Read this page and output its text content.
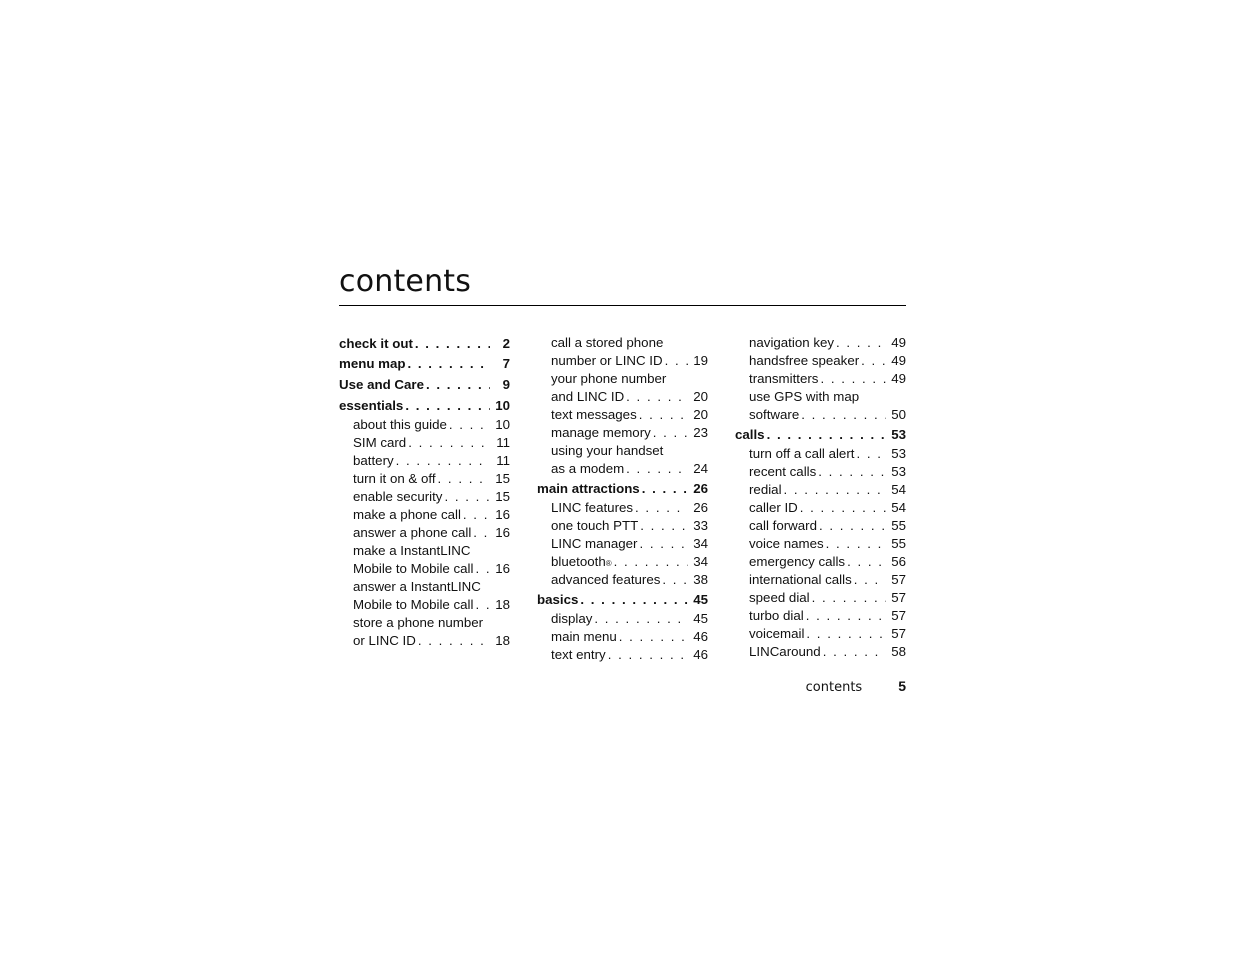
contents
check it out . . .	2
menu map . . .	7
Use and Care . . .	9
essentials . . .	10
about this guide . . .	10
SIM card . . .	11
battery . . .	11
turn it on & off . . .	15
enable security . . .	15
make a phone call . . .	16
answer a phone call . . . 16
make a InstantLINC
Mobile to Mobile call . . . 16
answer a InstantLINC
Mobile to Mobile call . . . 18
store a phone number
or LINC ID . . .	18
call a stored phone
number or LINC ID . . . 19
your phone number
and LINC ID . . .	20
text messages . . .	20
manage memory . . .	23
using your handset
as a modem . . .	24
main attractions . . .	26
LINC features . . .	26
one touch PTT . . .	33
LINC manager . . .	34
bluetooth ® . . .	34
advanced features . . . 38
basics . . .	45
display . . .	45
main menu . . .	46
text entry . . .	46
navigation key . . .	49
handsfree speaker . . . 49
transmitters . . .	49
use GPS with map
software . . .	50
calls . . .	53
turn off a call alert . . .	53
recent calls . . .	53
redial . . .	54
caller ID . . .	54
call forward . . .	55
voice names . . .	55
emergency calls . . .	56
international calls . . .	57
speed dial . . .	57
turbo dial . . .	57
voicemail . . .	57
LINCaround . . .	58
contents	5
